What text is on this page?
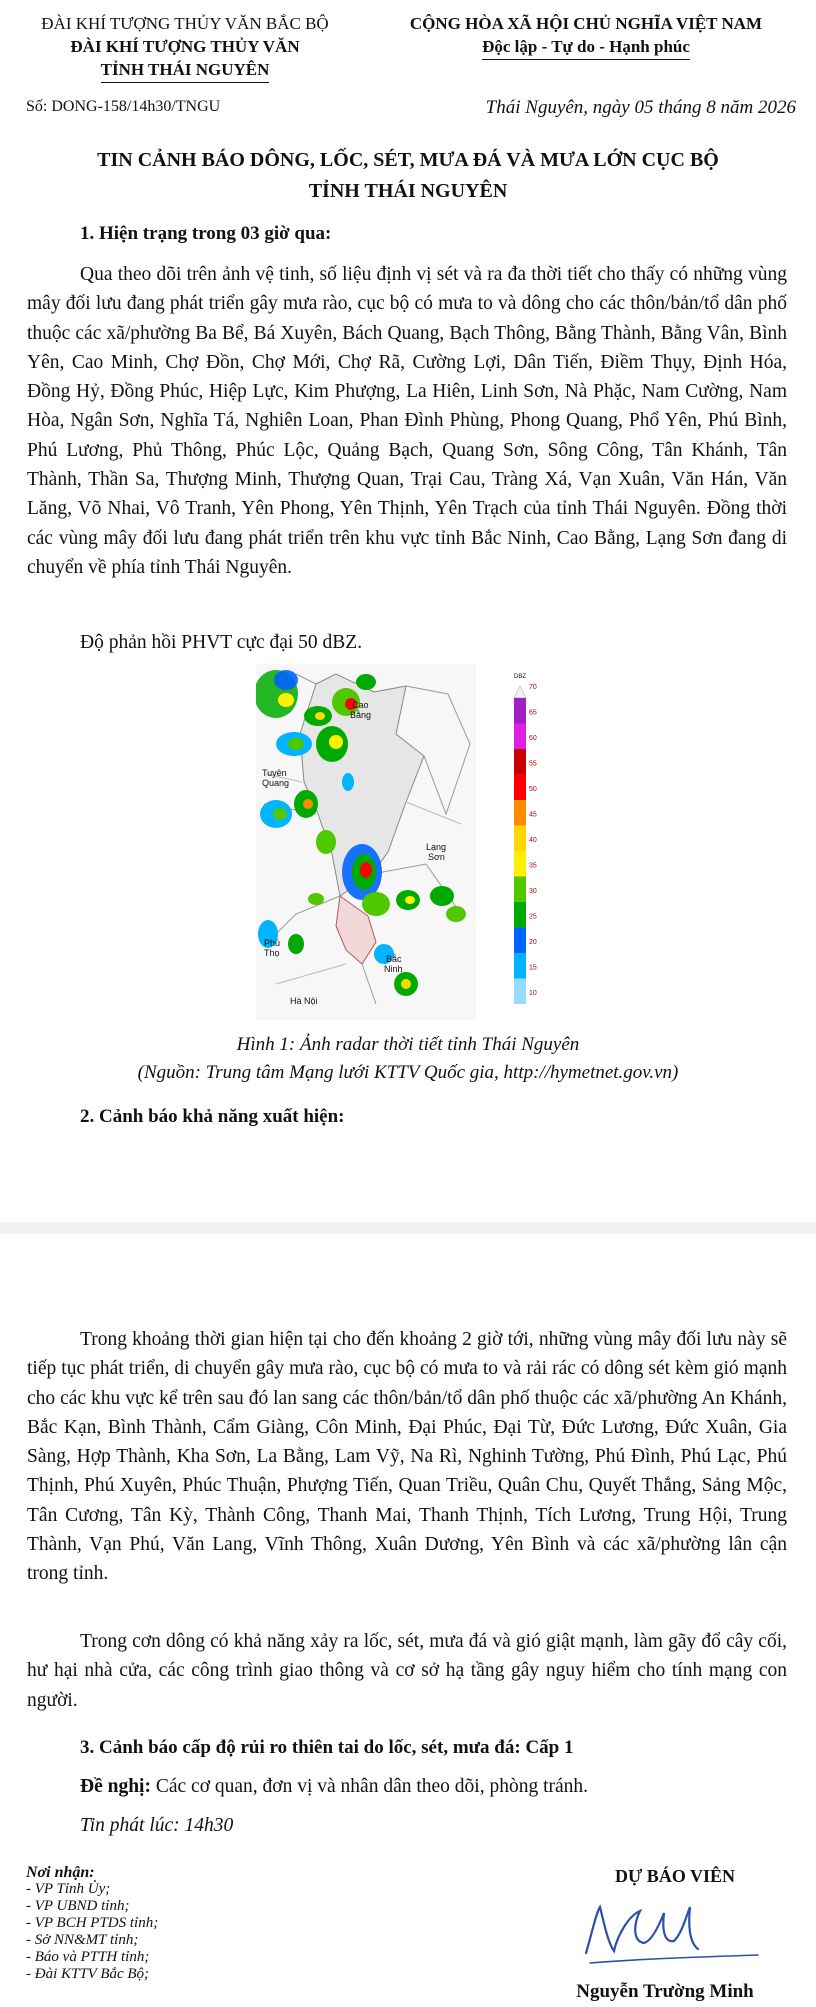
ĐÀI KHÍ TƯỢNG THỦY VĂN BẮC BỘ
ĐÀI KHÍ TƯỢNG THỦY VĂN
TỈNH THÁI NGUYÊN
CỘNG HÒA XÃ HỘI CHỦ NGHĨA VIỆT NAM
Độc lập - Tự do - Hạnh phúc
Số: DONG-158/14h30/TNGU	Thái Nguyên, ngày 05 tháng 8 năm 2026
TIN CẢNH BÁO DÔNG, LỐC, SÉT, MƯA ĐÁ VÀ MƯA LỚN CỤC BỘ
TỈNH THÁI NGUYÊN
1. Hiện trạng trong 03 giờ qua:
Qua theo dõi trên ảnh vệ tinh, số liệu định vị sét và ra đa thời tiết cho thấy có những vùng mây đối lưu đang phát triển gây mưa rào, cục bộ có mưa to và dông cho các thôn/bản/tổ dân phố thuộc các xã/phường Ba Bể, Bá Xuyên, Bách Quang, Bạch Thông, Bằng Thành, Bằng Vân, Bình Yên, Cao Minh, Chợ Đồn, Chợ Mới, Chợ Rã, Cường Lợi, Dân Tiến, Điềm Thụy, Định Hóa, Đồng Hỷ, Đồng Phúc, Hiệp Lực, Kim Phượng, La Hiên, Linh Sơn, Nà Phặc, Nam Cường, Nam Hòa, Ngân Sơn, Nghĩa Tá, Nghiên Loan, Phan Đình Phùng, Phong Quang, Phổ Yên, Phú Bình, Phú Lương, Phủ Thông, Phúc Lộc, Quảng Bạch, Quang Sơn, Sông Công, Tân Khánh, Tân Thành, Thần Sa, Thượng Minh, Thượng Quan, Trại Cau, Tràng Xá, Vạn Xuân, Văn Hán, Văn Lăng, Võ Nhai, Vô Tranh, Yên Phong, Yên Thịnh, Yên Trạch của tỉnh Thái Nguyên. Đồng thời các vùng mây đối lưu đang phát triển trên khu vực tỉnh Bắc Ninh, Cao Bằng, Lạng Sơn đang di chuyển về phía tỉnh Thái Nguyên.
Độ phản hồi PHVT cực đại 50 dBZ.
Cao
Bằng
Tuyên
Quang
Lạng
Sơn
Phú
Thọ
Bắc
Ninh
Hà Nội
DBZ
70
65
60
55
50
45
40
35
30
25
20
15
10
Hình 1: Ảnh radar thời tiết tỉnh Thái Nguyên
(Nguồn: Trung tâm Mạng lưới KTTV Quốc gia, http://hymetnet.gov.vn)
2. Cảnh báo khả năng xuất hiện:
Trong khoảng thời gian hiện tại cho đến khoảng 2 giờ tới, những vùng mây đối lưu này sẽ tiếp tục phát triển, di chuyển gây mưa rào, cục bộ có mưa to và rải rác có dông sét kèm gió mạnh cho các khu vực kể trên sau đó lan sang các thôn/bản/tổ dân phố thuộc các xã/phường An Khánh, Bắc Kạn, Bình Thành, Cẩm Giàng, Côn Minh, Đại Phúc, Đại Từ, Đức Lương, Đức Xuân, Gia Sàng, Hợp Thành, Kha Sơn, La Bằng, Lam Vỹ, Na Rì, Nghinh Tường, Phú Đình, Phú Lạc, Phú Thịnh, Phú Xuyên, Phúc Thuận, Phượng Tiến, Quan Triều, Quân Chu, Quyết Thắng, Sảng Mộc, Tân Cương, Tân Kỳ, Thành Công, Thanh Mai, Thanh Thịnh, Tích Lương, Trung Hội, Trung Thành, Vạn Phú, Văn Lang, Vĩnh Thông, Xuân Dương, Yên Bình và các xã/phường lân cận trong tỉnh.
Trong cơn dông có khả năng xảy ra lốc, sét, mưa đá và gió giật mạnh, làm gãy đổ cây cối, hư hại nhà cửa, các công trình giao thông và cơ sở hạ tầng gây nguy hiểm cho tính mạng con người.
3. Cảnh báo cấp độ rủi ro thiên tai do lốc, sét, mưa đá: Cấp 1
Đề nghị: Các cơ quan, đơn vị và nhân dân theo dõi, phòng tránh.
Tin phát lúc: 14h30
Nơi nhận:
- VP Tỉnh Ủy;
- VP UBND tỉnh;
- VP BCH PTDS tỉnh;
- Sở NN&MT tỉnh;
- Báo và PTTH tỉnh;
- Đài KTTV Bắc Bộ;
DỰ BÁO VIÊN
Nguyễn Trường Minh
